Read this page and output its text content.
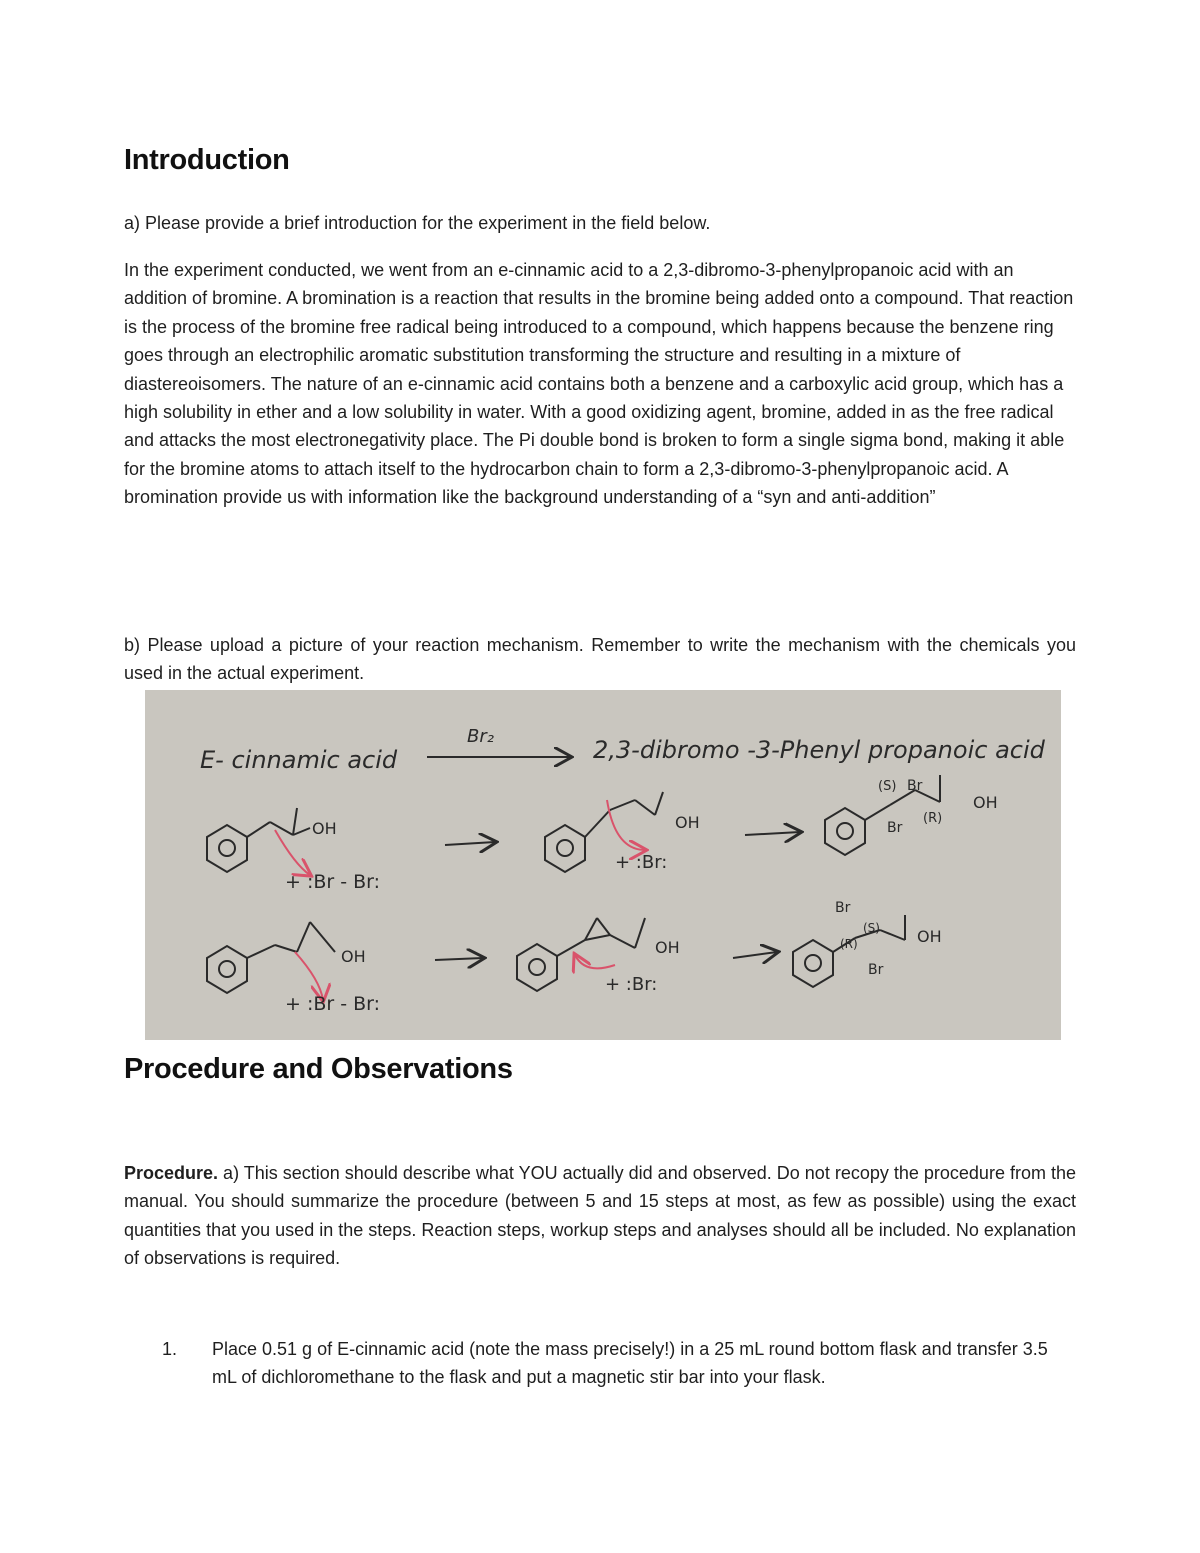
Introduction
a) Please provide a brief introduction for the experiment in the field below.

In the experiment conducted, we went from an e-cinnamic acid to a 2,3-dibromo-3-phenylpropanoic acid with an addition of bromine. A bromination is a reaction that results in the bromine being added onto a compound. That reaction is the process of the bromine free radical being introduced to a compound, which happens because the benzene ring goes through an electrophilic aromatic substitution transforming the structure and resulting in a mixture of diastereoisomers. The nature of an e-cinnamic acid contains both a benzene and a carboxylic acid group, which has a high solubility in ether and a low solubility in water. With a good oxidizing agent, bromine, added in as the free radical and attacks the most electronegativity place. The Pi double bond is broken to form a single sigma bond, making it able for the bromine atoms to attach itself to the hydrocarbon chain to form a 2,3-dibromo-3-phenylpropanoic acid. A bromination provide us with information like the background understanding of a “syn and anti-addition”

b) Please upload a picture of your reaction mechanism. Remember to write the mechanism with the chemicals you used in the actual experiment.

E- cinnamic acid
Br₂	2,3-dibromo -3-Phenyl propanoic acid
OH
+ :Br - Br:
OH
+ :Br:
(S) Br
(R)
Br
OH
OH
+ :Br - Br:
OH
+ :Br:
Br
(R)
(S)
Br
OH
Procedure and Observations

Procedure. a) This section should describe what YOU actually did and observed. Do not recopy the procedure from the manual. You should summarize the procedure (between 5 and 15 steps at most, as few as possible) using the exact quantities that you used in the steps. Reaction steps, workup steps and analyses should all be included. No explanation of observations is required.

1. Place 0.51 g of E-cinnamic acid (note the mass precisely!) in a 25 mL round bottom flask and transfer 3.5 mL of dichloromethane to the flask and put a magnetic stir bar into your flask.
